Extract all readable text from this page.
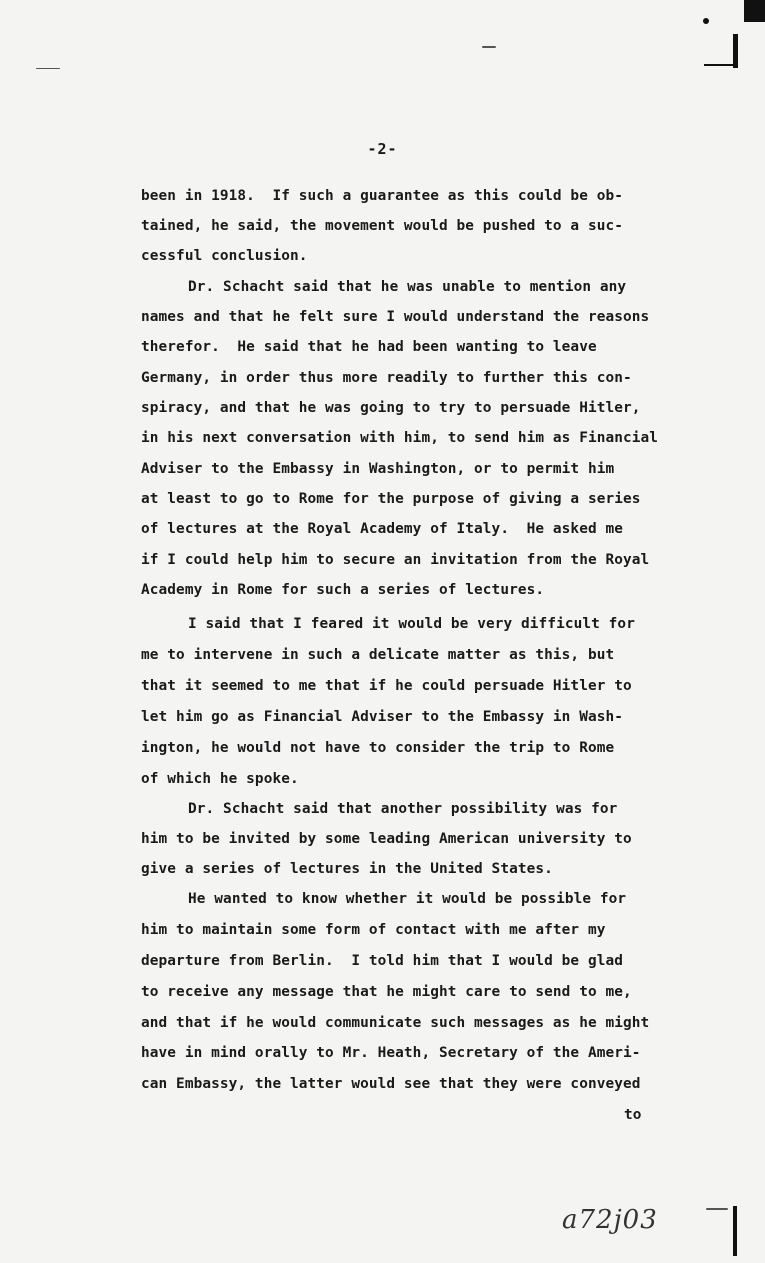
-2-
been in 1918.  If such a guarantee as this could be ob-
tained, he said, the movement would be pushed to a suc-
cessful conclusion.
Dr. Schacht said that he was unable to mention any
names and that he felt sure I would understand the reasons
therefor.  He said that he had been wanting to leave
Germany, in order thus more readily to further this con-
spiracy, and that he was going to try to persuade Hitler,
in his next conversation with him, to send him as Financial
Adviser to the Embassy in Washington, or to permit him
at least to go to Rome for the purpose of giving a series
of lectures at the Royal Academy of Italy.  He asked me
if I could help him to secure an invitation from the Royal
Academy in Rome for such a series of lectures.
I said that I feared it would be very difficult for
me to intervene in such a delicate matter as this, but
that it seemed to me that if he could persuade Hitler to
let him go as Financial Adviser to the Embassy in Wash-
ington, he would not have to consider the trip to Rome
of which he spoke.
Dr. Schacht said that another possibility was for
him to be invited by some leading American university to
give a series of lectures in the United States.
He wanted to know whether it would be possible for
him to maintain some form of contact with me after my
departure from Berlin.  I told him that I would be glad
to receive any message that he might care to send to me,
and that if he would communicate such messages as he might
have in mind orally to Mr. Heath, Secretary of the Ameri-
can Embassy, the latter would see that they were conveyed
to
a72j03
